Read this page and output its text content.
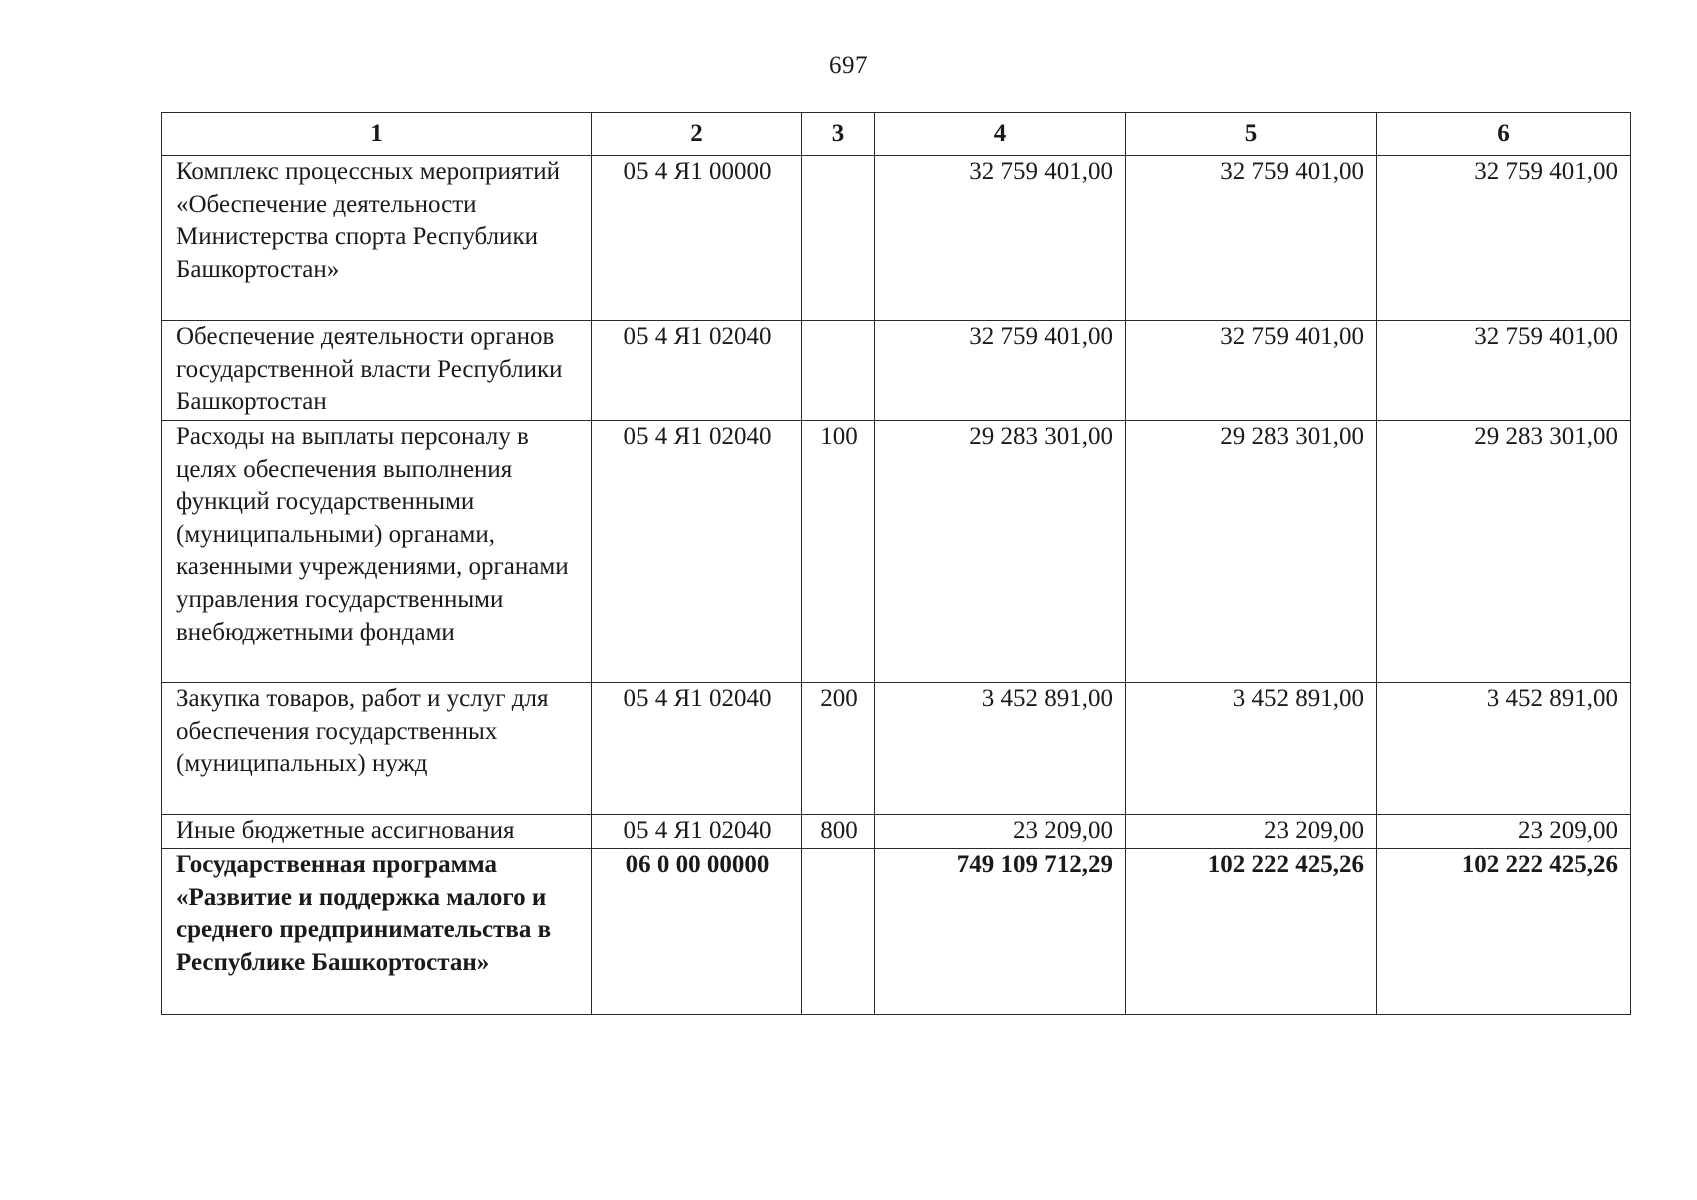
697
1	2	3	4	5	6
Комплекс процессных мероприятий «Обеспечение деятельности Министерства спорта Республики Башкортостан»	05 4 Я1 00000		32 759 401,00	32 759 401,00	32 759 401,00
Обеспечение деятельности органов государственной власти Республики Башкортостан	05 4 Я1 02040		32 759 401,00	32 759 401,00	32 759 401,00
Расходы на выплаты персоналу в целях обеспечения выполнения функций государственными (муниципальными) органами, казенными учреждениями, органами управления государственными внебюджетными фондами	05 4 Я1 02040	100	29 283 301,00	29 283 301,00	29 283 301,00
Закупка товаров, работ и услуг для обеспечения государственных (муниципальных) нужд	05 4 Я1 02040	200	3 452 891,00	3 452 891,00	3 452 891,00
Иные бюджетные ассигнования	05 4 Я1 02040	800	23 209,00	23 209,00	23 209,00
Государственная программа «Развитие и поддержка малого и среднего предпринимательства в Республике Башкортостан»	06 0 00 00000		749 109 712,29	102 222 425,26	102 222 425,26
